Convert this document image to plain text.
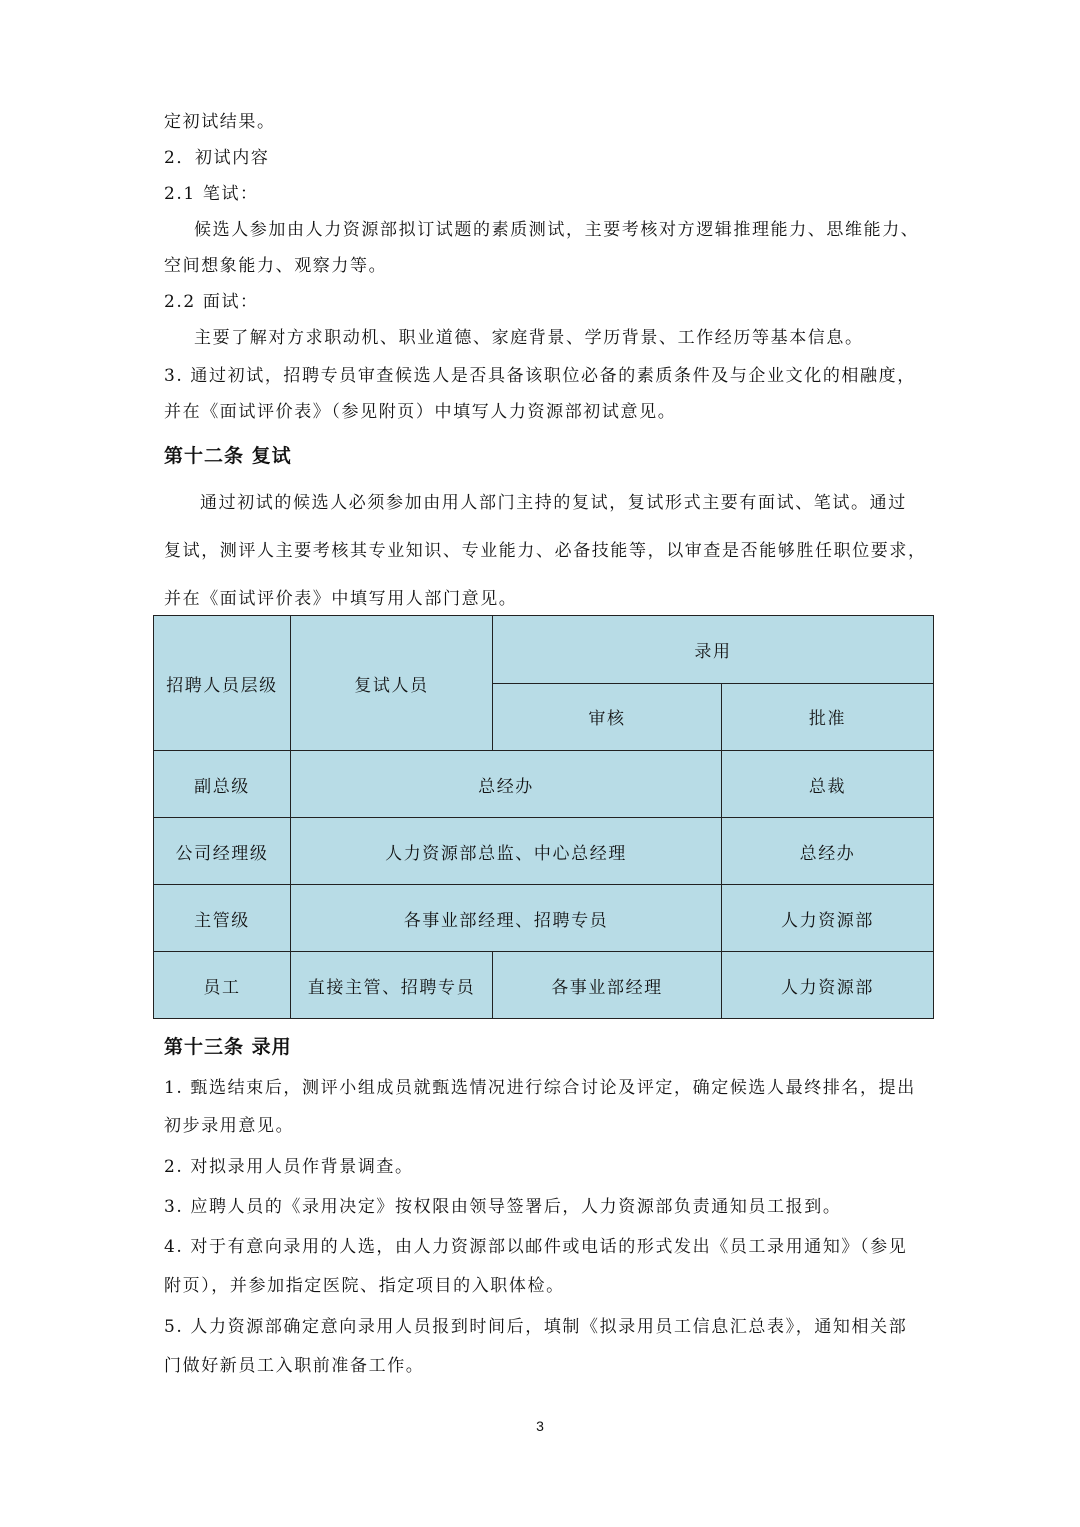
定初试结果。
2．初试内容
2.1 笔试：
候选人参加由人力资源部拟订试题的素质测试，主要考核对方逻辑推理能力、思维能力、
空间想象能力、观察力等。
2.2 面试：
主要了解对方求职动机、职业道德、家庭背景、学历背景、工作经历等基本信息。
3. 通过初试，招聘专员审查候选人是否具备该职位必备的素质条件及与企业文化的相融度，
并在《面试评价表》（参见附页）中填写人力资源部初试意见。
第十二条 复试
通过初试的候选人必须参加由用人部门主持的复试，复试形式主要有面试、笔试。通过
复试，测评人主要考核其专业知识、专业能力、必备技能等，以审查是否能够胜任职位要求，
并在《面试评价表》中填写用人部门意见。
招聘人员层级	复试人员	录用	
		审核	批准
副总级	总经办		总裁
公司经理级	人力资源部总监、中心总经理		总经办
主管级	各事业部经理、招聘专员		人力资源部
员工	直接主管、招聘专员	各事业部经理	人力资源部
第十三条 录用
1. 甄选结束后，测评小组成员就甄选情况进行综合讨论及评定，确定候选人最终排名，提出
初步录用意见。
2. 对拟录用人员作背景调查。
3. 应聘人员的《录用决定》按权限由领导签署后，人力资源部负责通知员工报到。
4. 对于有意向录用的人选，由人力资源部以邮件或电话的形式发出《员工录用通知》（参见
附页），并参加指定医院、指定项目的入职体检。
5. 人力资源部确定意向录用人员报到时间后，填制《拟录用员工信息汇总表》，通知相关部
门做好新员工入职前准备工作。
3
